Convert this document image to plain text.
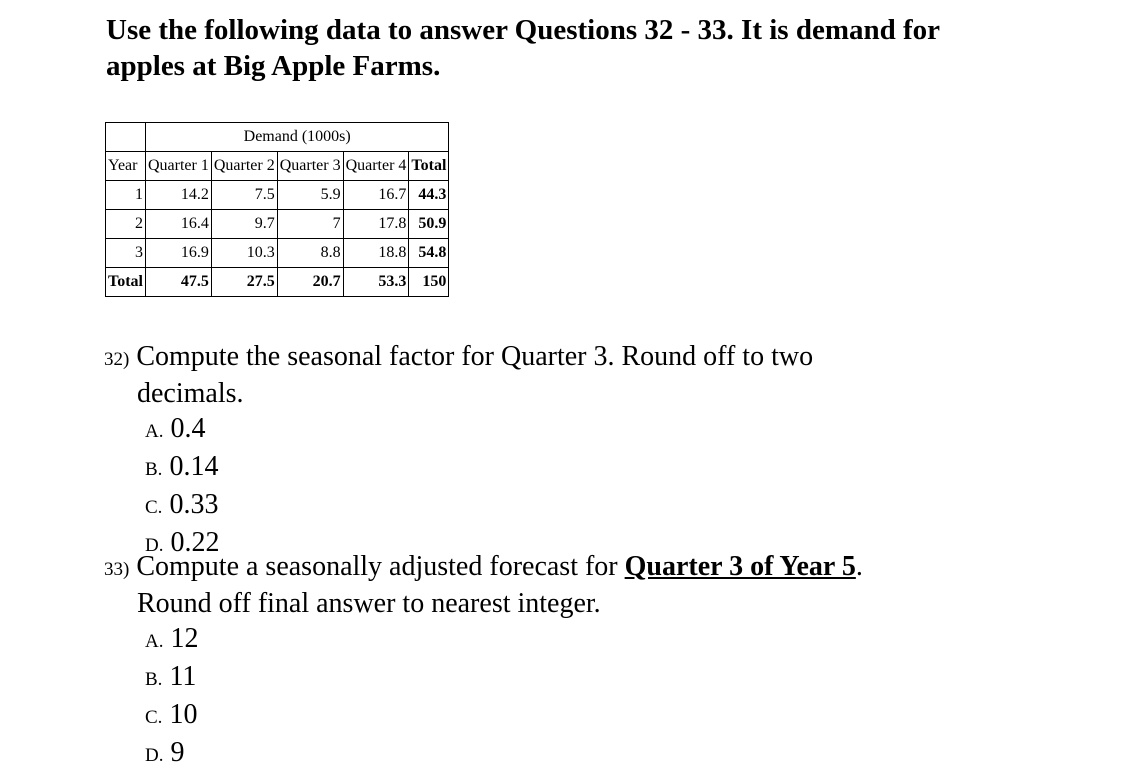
Use the following data to answer Questions 32 - 33. It is demand for
apples at Big Apple Farms.
	Demand (1000s)				
Year	Quarter 1	Quarter 2	Quarter 3	Quarter 4	Total
1	14.2	7.5	5.9	16.7	44.3
2	16.4	9.7	7	17.8	50.9
3	16.9	10.3	8.8	18.8	54.8
Total	47.5	27.5	20.7	53.3	150
32) Compute the seasonal factor for Quarter 3. Round off to two
decimals.
A. 0.4
B. 0.14
C. 0.33
D. 0.22
33) Compute a seasonally adjusted forecast for Quarter 3 of Year 5.
Round off final answer to nearest integer.
A. 12
B. 11
C. 10
D. 9
